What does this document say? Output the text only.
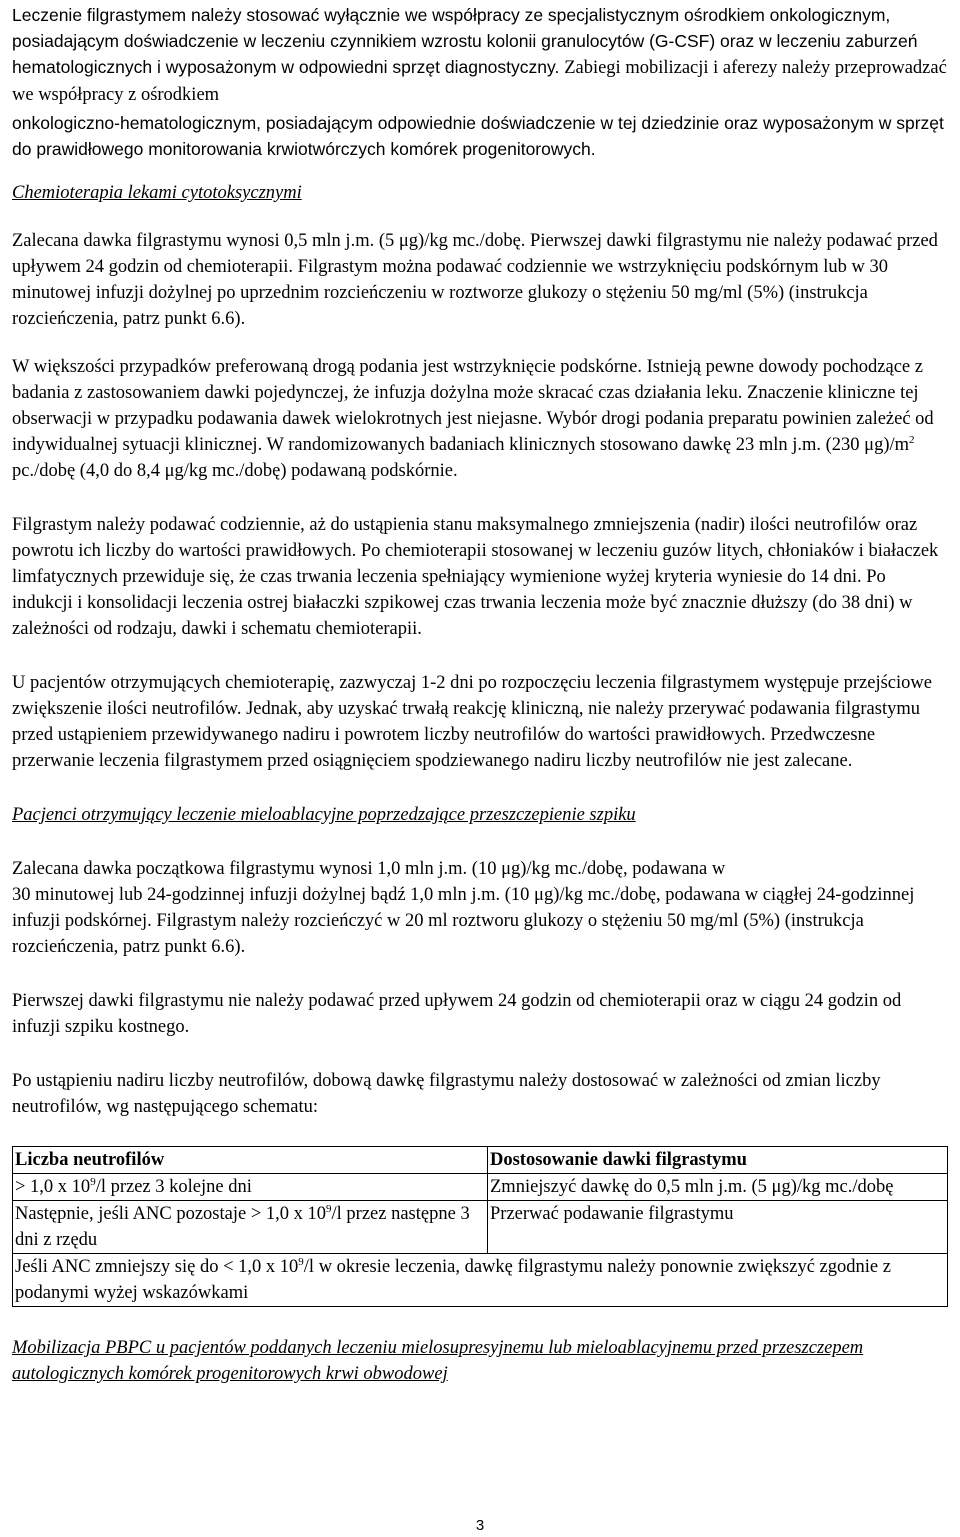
Leczenie filgrastymem należy stosować wyłącznie we współpracy ze specjalistycznym ośrodkiem onkologicznym, posiadającym doświadczenie w leczeniu czynnikiem wzrostu kolonii granulocytów (G-CSF) oraz w leczeniu zaburzeń hematologicznych i wyposażonym w odpowiedni sprzęt diagnostyczny. Zabiegi mobilizacji i aferezy należy przeprowadzać we współpracy z ośrodkiem

onkologiczno-hematologicznym, posiadającym odpowiednie doświadczenie w tej dziedzinie oraz wyposażonym w sprzęt do prawidłowego monitorowania krwiotwórczych komórek progenitorowych.

Chemioterapia lekami cytotoksycznymi

Zalecana dawka filgrastymu wynosi 0,5 mln j.m. (5 μg)/kg mc./dobę. Pierwszej dawki filgrastymu nie należy podawać przed upływem 24 godzin od chemioterapii. Filgrastym można podawać codziennie we wstrzyknięciu podskórnym lub w 30 minutowej infuzji dożylnej po uprzednim rozcieńczeniu w roztworze glukozy o stężeniu 50 mg/ml (5%) (instrukcja rozcieńczenia, patrz punkt 6.6).

W większości przypadków preferowaną drogą podania jest wstrzyknięcie podskórne. Istnieją pewne dowody pochodzące z badania z zastosowaniem dawki pojedynczej, że infuzja dożylna może skracać czas działania leku. Znaczenie kliniczne tej obserwacji w przypadku podawania dawek wielokrotnych jest niejasne. Wybór drogi podania preparatu powinien zależeć od indywidualnej sytuacji klinicznej. W randomizowanych badaniach klinicznych stosowano dawkę 23 mln j.m. (230 $\mu g)/m^2$ pc./dobę (4,0 do 8,4 μg/kg mc./dobę) podawaną podskórnie.

Filgrastym należy podawać codziennie, aż do ustąpienia stanu maksymalnego zmniejszenia (nadir) ilości neutrofilów oraz powrotu ich liczby do wartości prawidłowych. Po chemioterapii stosowanej w leczeniu guzów litych, chłoniaków i białaczek limfatycznych przewiduje się, że czas trwania leczenia spełniający wymienione wyżej kryteria wyniesie do 14 dni. Po indukcji i konsolidacji leczenia ostrej białaczki szpikowej czas trwania leczenia może być znacznie dłuższy (do 38 dni) w zależności od rodzaju, dawki i schematu chemioterapii.

U pacjentów otrzymujących chemioterapię, zazwyczaj 1-2 dni po rozpoczęciu leczenia filgrastymem występuje przejściowe zwiększenie ilości neutrofilów. Jednak, aby uzyskać trwałą reakcję kliniczną, nie należy przerywać podawania filgrastymu przed ustąpieniem przewidywanego nadiru i powrotem liczby neutrofilów do wartości prawidłowych. Przedwczesne przerwanie leczenia filgrastymem przed osiągnięciem spodziewanego nadiru liczby neutrofilów nie jest zalecane.

Pacjenci otrzymujący leczenie mieloablacyjne poprzedzające przeszczepienie szpiku

Zalecana dawka początkowa filgrastymu wynosi 1,0 mln j.m. (10 μg)/kg mc./dobę, podawana w
30 minutowej lub 24-godzinnej infuzji dożylnej bądź 1,0 mln j.m. (10 μg)/kg mc./dobę, podawana w ciągłej 24-godzinnej infuzji podskórnej. Filgrastym należy rozcieńczyć w 20 ml roztworu glukozy o stężeniu 50 mg/ml (5%) (instrukcja rozcieńczenia, patrz punkt 6.6).

Pierwszej dawki filgrastymu nie należy podawać przed upływem 24 godzin od chemioterapii oraz w ciągu 24 godzin od infuzji szpiku kostnego.

Po ustąpieniu nadiru liczby neutrofilów, dobową dawkę filgrastymu należy dostosować w zależności od zmian liczby neutrofilów, wg następującego schematu:

Liczba neutrofilów	Dostosowanie dawki filgrastymu
> 1,0 x $10^9/l$ przez 3 kolejne dni	Zmniejszyć dawkę do 0,5 mln j.m. (5 μg)/kg mc./dobę
Następnie, jeśli ANC pozostaje > 1,0 x $10^9/l$ przez następne 3 dni z rzędu	Przerwać podawanie filgrastymu
Jeśli ANC zmniejszy się do < 1,0 x $10^9/l$ w okresie leczenia, dawkę filgrastymu należy ponownie zwiększyć zgodnie z podanymi wyżej wskazówkami	

Mobilizacja PBPC u pacjentów poddanych leczeniu mielosupresyjnemu lub mieloablacyjnemu przed przeszczepem autologicznych komórek progenitorowych krwi obwodowej

3
